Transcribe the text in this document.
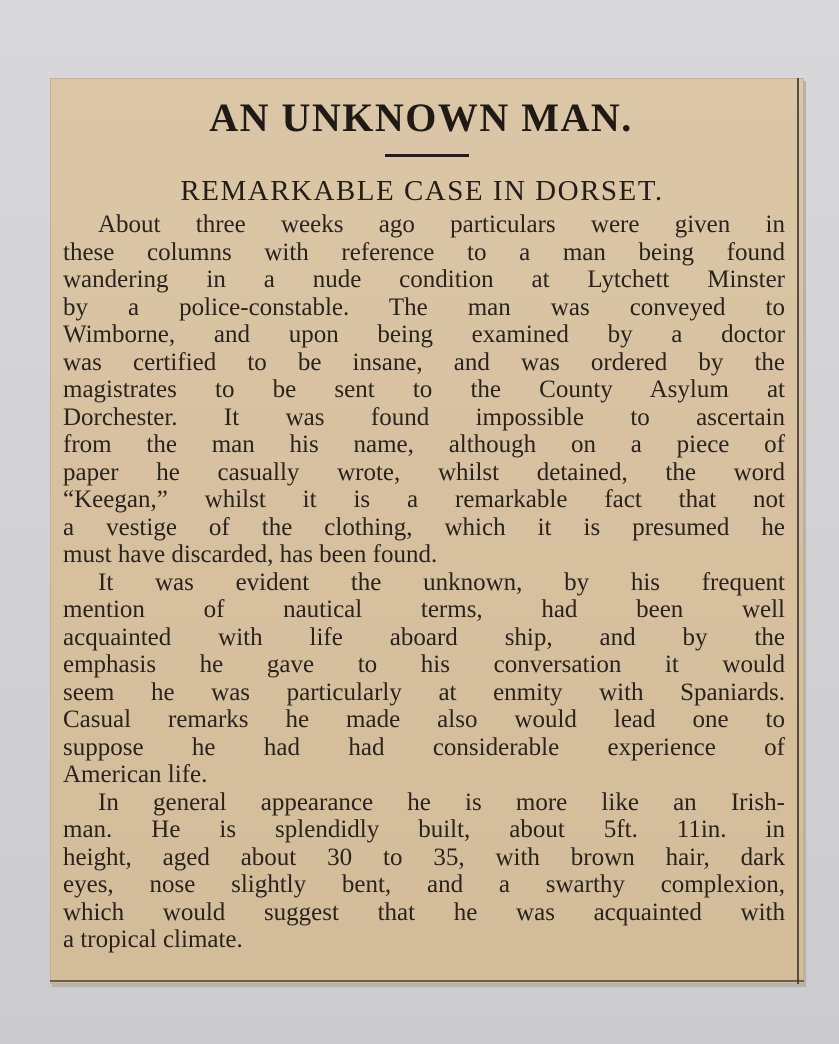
AN UNKNOWN MAN.
REMARKABLE CASE IN DORSET.
About three weeks ago particulars were given in
these columns with reference to a man being found
wandering in a nude condition at Lytchett Minster
by a police-constable. The man was conveyed to
Wimborne, and upon being examined by a doctor
was certified to be insane, and was ordered by the
magistrates to be sent to the County Asylum at
Dorchester. It was found impossible to ascertain
from the man his name, although on a piece of
paper he casually wrote, whilst detained, the word
“Keegan,” whilst it is a remarkable fact that not
a vestige of the clothing, which it is presumed he
must have discarded, has been found.
It was evident the unknown, by his frequent
mention of nautical terms, had been well
acquainted with life aboard ship, and by the
emphasis he gave to his conversation it would
seem he was particularly at enmity with Spaniards.
Casual remarks he made also would lead one to
suppose he had had considerable experience of
American life.
In general appearance he is more like an Irish-
man. He is splendidly built, about 5ft. 11in. in
height, aged about 30 to 35, with brown hair, dark
eyes, nose slightly bent, and a swarthy complexion,
which would suggest that he was acquainted with
a tropical climate.
